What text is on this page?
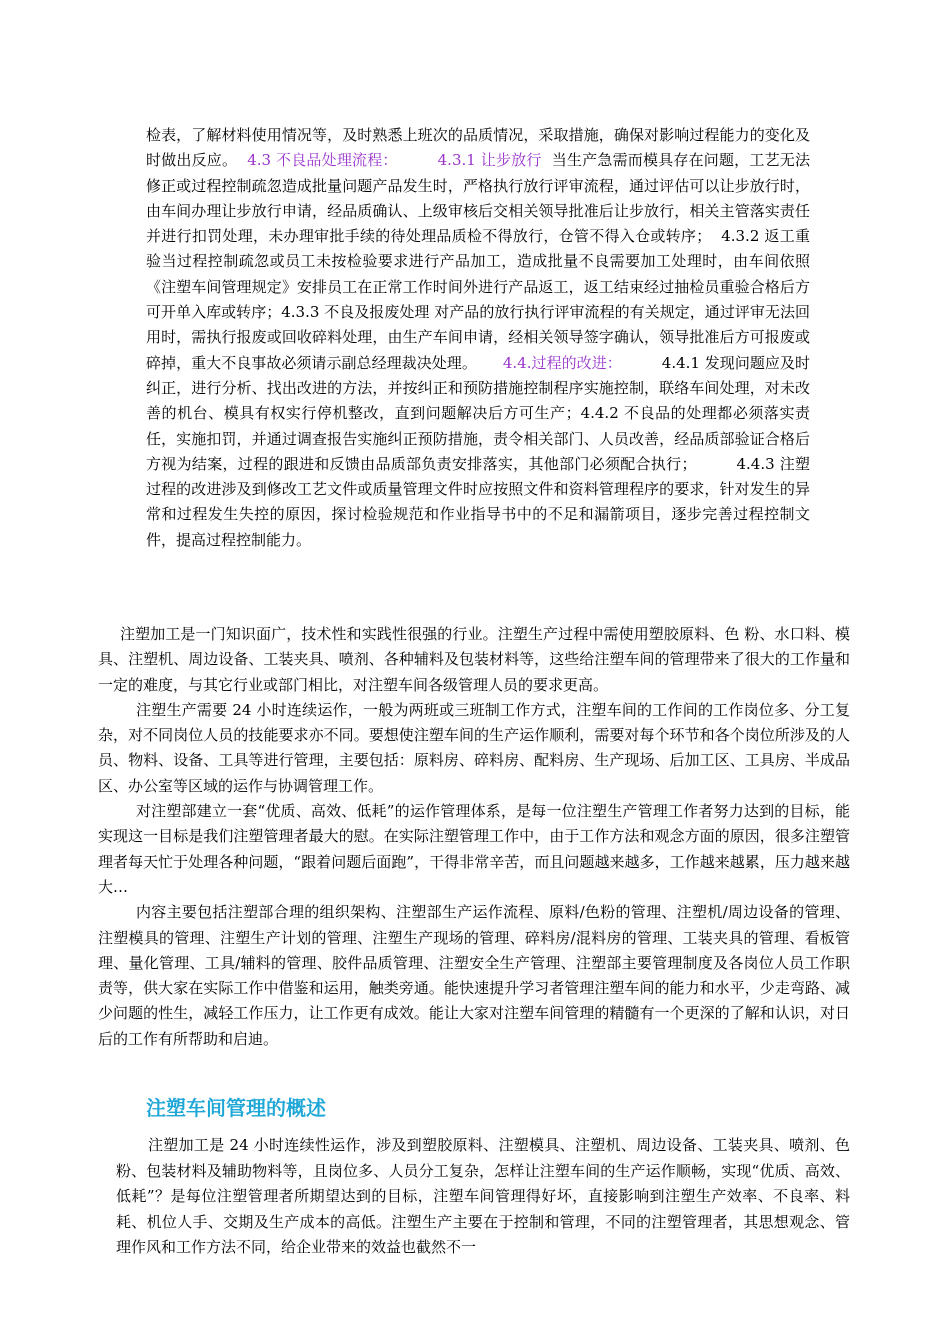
检表，了解材料使用情况等，及时熟悉上班次的品质情况，采取措施，确保对影响过程能力的变化及时做出反应。 4.3 不良品处理流程：	4.3.1 让步放行 当生产急需而模具存在问题，工艺无法修正或过程控制疏忽造成批量问题产品发生时，严格执行放行评审流程，通过评估可以让步放行时，由车间办理让步放行申请，经品质确认、上级审核后交相关领导批准后让步放行，相关主管落实责任并进行扣罚处理，未办理审批手续的待处理品质检不得放行，仓管不得入仓或转序； 4.3.2 返工重验当过程控制疏忽或员工未按检验要求进行产品加工，造成批量不良需要加工处理时，由车间依照《注塑车间管理规定》安排员工在正常工作时间外进行产品返工，返工结束经过抽检员重验合格后方可开单入库或转序；4.3.3 不良及报废处理 对产品的放行执行评审流程的有关规定，通过评审无法回用时，需执行报废或回收碎料处理，由生产车间申请，经相关领导签字确认，领导批准后方可报废或碎掉，重大不良事故必须请示副总经理裁决处理。 4.4.过程的改进：	4.4.1 发现问题应及时纠正，进行分析、找出改进的方法，并按纠正和预防措施控制程序实施控制，联络车间处理，对未改善的机台、模具有权实行停机整改，直到问题解决后方可生产；4.4.2 不良品的处理都必须落实责任，实施扣罚，并通过调查报告实施纠正预防措施，责令相关部门、人员改善，经品质部验证合格后方视为结案，过程的跟进和反馈由品质部负责安排落实，其他部门必须配合执行；	4.4.3 注塑过程的改进涉及到修改工艺文件或质量管理文件时应按照文件和资料管理程序的要求，针对发生的异常和过程发生失控的原因，探讨检验规范和作业指导书中的不足和漏箭项目，逐步完善过程控制文件，提高过程控制能力。

注塑加工是一门知识面广，技术性和实践性很强的行业。注塑生产过程中需使用塑胶原料、色 粉、水口料、模具、注塑机、周边设备、工装夹具、喷剂、各种辅料及包装材料等，这些给注塑车间的管理带来了很大的工作量和一定的难度，与其它行业或部门相比，对注塑车间各级管理人员的要求更高。

注塑生产需要 24 小时连续运作，一般为两班或三班制工作方式，注塑车间的工作间的工作岗位多、分工复杂，对不同岗位人员的技能要求亦不同。要想使注塑车间的生产运作顺利，需要对每个环节和各个岗位所涉及的人员、物料、设备、工具等进行管理，主要包括：原料房、碎料房、配料房、生产现场、后加工区、工具房、半成品区、办公室等区域的运作与协调管理工作。

对注塑部建立一套“优质、高效、低耗”的运作管理体系，是每一位注塑生产管理工作者努力达到的目标，能实现这一目标是我们注塑管理者最大的慰。在实际注塑管理工作中，由于工作方法和观念方面的原因，很多注塑管理者每天忙于处理各种问题，“跟着问题后面跑”，干得非常辛苦，而且问题越来越多，工作越来越累，压力越来越大…

内容主要包括注塑部合理的组织架构、注塑部生产运作流程、原料/色粉的管理、注塑机/周边设备的管理、注塑模具的管理、注塑生产计划的管理、注塑生产现场的管理、碎料房/混料房的管理、工装夹具的管理、看板管理、量化管理、工具/辅料的管理、胶件品质管理、注塑安全生产管理、注塑部主要管理制度及各岗位人员工作职责等，供大家在实际工作中借鉴和运用，触类旁通。能快速提升学习者管理注塑车间的能力和水平，少走弯路、减少问题的性生，减轻工作压力，让工作更有成效。能让大家对注塑车间管理的精髓有一个更深的了解和认识，对日后的工作有所帮助和启迪。

注塑车间管理的概述

注塑加工是 24 小时连续性运作，涉及到塑胶原料、注塑模具、注塑机、周边设备、工装夹具、喷剂、色粉、包装材料及辅助物料等，且岗位多、人员分工复杂，怎样让注塑车间的生产运作顺畅，实现“优质、高效、低耗”？是每位注塑管理者所期望达到的目标，注塑车间管理得好坏，直接影响到注塑生产效率、不良率、料耗、机位人手、交期及生产成本的高低。注塑生产主要在于控制和管理，不同的注塑管理者，其思想观念、管理作风和工作方法不同，给企业带来的效益也截然不一
